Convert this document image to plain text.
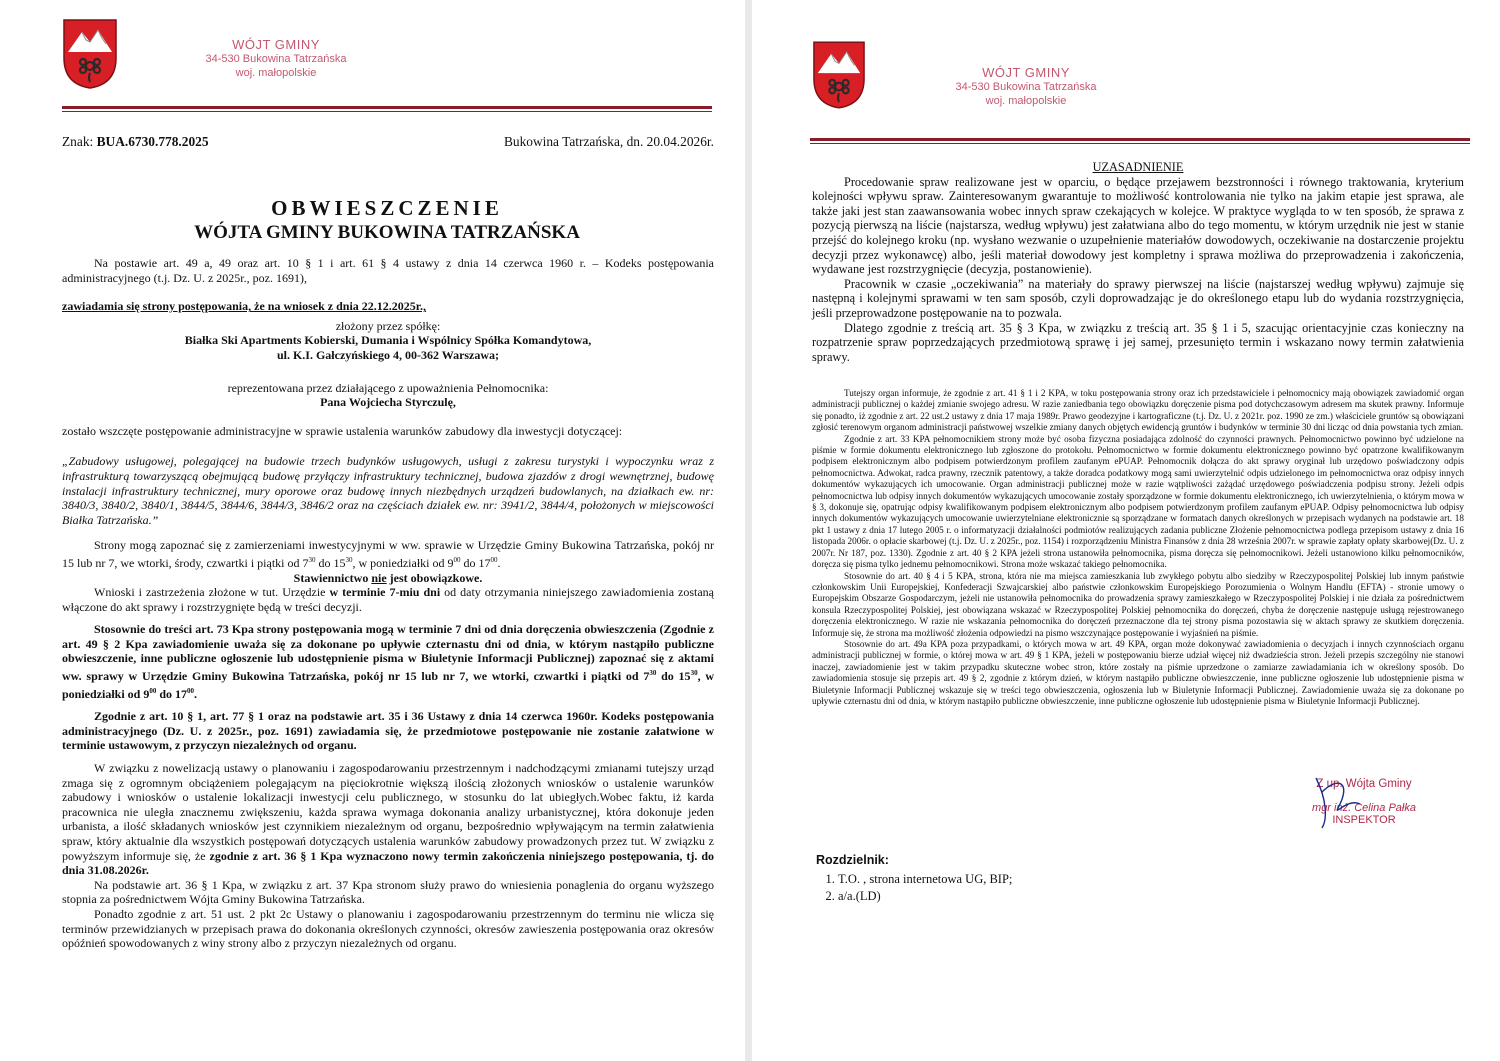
WÓJT GMINY
34-530 Bukowina Tatrzańska
woj. małopolskie
Znak: BUA.6730.778.2025	Bukowina Tatrzańska, dn. 20.04.2026r.
OBWIESZCZENIE
WÓJTA GMINY BUKOWINA TATRZAŃSKA

Na postawie art. 49 a, 49 oraz art. 10 § 1 i art. 61 § 4 ustawy z dnia 14 czerwca 1960 r. – Kodeks postępowania administracyjnego (t.j. Dz. U. z 2025r., poz. 1691),

zawiadamia się strony postępowania, że na wniosek z dnia 22.12.2025r.,

złożony przez spółkę:

Białka Ski Apartments Kobierski, Dumania i Wspólnicy Spółka Komandytowa,

ul. K.I. Gałczyńskiego 4, 00-362 Warszawa;

reprezentowana przez działającego z upoważnienia Pełnomocnika:

Pana Wojciecha Styrczulę,

zostało wszczęte postępowanie administracyjne w sprawie ustalenia warunków zabudowy dla inwestycji dotyczącej:

„Zabudowy usługowej, polegającej na budowie trzech budynków usługowych, usługi z zakresu turystyki i wypoczynku wraz z infrastrukturą towarzyszącą obejmującą budowę przyłączy infrastruktury technicznej, budowa zjazdów z drogi wewnętrznej, budowę instalacji infrastruktury technicznej, mury oporowe oraz budowę innych niezbędnych urządzeń budowlanych, na działkach ew. nr: 3840/3, 3840/2, 3840/1, 3844/5, 3844/6, 3844/3, 3846/2 oraz na częściach działek ew. nr: 3941/2, 3844/4, położonych w miejscowości Białka Tatrzańska.”

Strony mogą zapoznać się z zamierzeniami inwestycyjnymi w ww. sprawie w Urzędzie Gminy Bukowina Tatrzańska, pokój nr 15 lub nr 7, we wtorki, środy, czwartki i piątki od $7^{30}$ do $15^{30}$, w poniedziałki od $9^{00}$ do $17^{00}$.

Stawiennictwo nie jest obowiązkowe.

Wnioski i zastrzeżenia złożone w tut. Urzędzie w terminie 7-miu dni od daty otrzymania niniejszego zawiadomienia zostaną włączone do akt sprawy i rozstrzygnięte będą w treści decyzji.

Stosownie do treści art. 73 Kpa strony postępowania mogą w terminie 7 dni od dnia doręczenia obwieszczenia (Zgodnie z art. 49 § 2 Kpa zawiadomienie uważa się za dokonane po upływie czternastu dni od dnia, w którym nastąpiło publiczne obwieszczenie, inne publiczne ogłoszenie lub udostępnienie pisma w Biuletynie Informacji Publicznej) zapoznać się z aktami ww. sprawy w Urzędzie Gminy Bukowina Tatrzańska, pokój nr 15 lub nr 7, we wtorki, czwartki i piątki od $7^{30}$ do $15^{30}$, w poniedziałki od $9^{00}$ do $17^{00}$.

Zgodnie z art. 10 § 1, art. 77 § 1 oraz na podstawie art. 35 i 36 Ustawy z dnia 14 czerwca 1960r. Kodeks postępowania administracyjnego (Dz. U. z 2025r., poz. 1691) zawiadamia się, że przedmiotowe postępowanie nie zostanie załatwione w terminie ustawowym, z przyczyn niezależnych od organu.

W związku z nowelizacją ustawy o planowaniu i zagospodarowaniu przestrzennym i nadchodzącymi zmianami tutejszy urząd zmaga się z ogromnym obciążeniem polegającym na pięciokrotnie większą ilością złożonych wniosków o ustalenie warunków zabudowy i wniosków o ustalenie lokalizacji inwestycji celu publicznego, w stosunku do lat ubiegłych.Wobec faktu, iż karda pracownica nie uległa znacznemu zwiększeniu, każda sprawa wymaga dokonania analizy urbanistycznej, która dokonuje jeden urbanista, a ilość składanych wniosków jest czynnikiem niezależnym od organu, bezpośrednio wpływającym na termin załatwienia spraw, który aktualnie dla wszystkich postępowań dotyczących ustalenia warunków zabudowy prowadzonych przez tut. W związku z powyższym informuje się, że zgodnie z art. 36 § 1 Kpa wyznaczono nowy termin zakończenia niniejszego postępowania, tj. do dnia 31.08.2026r.

Na podstawie art. 36 § 1 Kpa, w związku z art. 37 Kpa stronom służy prawo do wniesienia ponaglenia do organu wyższego stopnia za pośrednictwem Wójta Gminy Bukowina Tatrzańska.

Ponadto zgodnie z art. 51 ust. 2 pkt 2c Ustawy o planowaniu i zagospodarowaniu przestrzennym do terminu nie wlicza się terminów przewidzianych w przepisach prawa do dokonania określonych czynności, okresów zawieszenia postępowania oraz okresów opóźnień spowodowanych z winy strony albo z przyczyn niezależnych od organu.

WÓJT GMINY
34-530 Bukowina Tatrzańska
woj. małopolskie

UZASADNIENIE

Procedowanie spraw realizowane jest w oparciu, o będące przejawem bezstronności i równego traktowania, kryterium kolejności wpływu spraw. Zainteresowanym gwarantuje to możliwość kontrolowania nie tylko na jakim etapie jest sprawa, ale także jaki jest stan zaawansowania wobec innych spraw czekających w kolejce. W praktyce wygląda to w ten sposób, że sprawa z pozycją pierwszą na liście (najstarsza, według wpływu) jest załatwiana albo do tego momentu, w którym urzędnik nie jest w stanie przejść do kolejnego kroku (np. wysłano wezwanie o uzupełnienie materiałów dowodowych, oczekiwanie na dostarczenie projektu decyzji przez wykonawcę) albo, jeśli materiał dowodowy jest kompletny i sprawa możliwa do przeprowadzenia i zakończenia, wydawane jest rozstrzygnięcie (decyzja, postanowienie).

Pracownik w czasie „oczekiwania” na materiały do sprawy pierwszej na liście (najstarszej według wpływu) zajmuje się następną i kolejnymi sprawami w ten sam sposób, czyli doprowadzając je do określonego etapu lub do wydania rozstrzygnięcia, jeśli przeprowadzone postępowanie na to pozwala.

Dlatego zgodnie z treścią art. 35 § 3 Kpa, w związku z treścią art. 35 § 1 i 5, szacując orientacyjnie czas konieczny na rozpatrzenie spraw poprzedzających przedmiotową sprawę i jej samej, przesunięto termin i wskazano nowy termin załatwienia sprawy.

Tutejszy organ informuje, że zgodnie z art. 41 § 1 i 2 KPA, w toku postępowania strony oraz ich przedstawiciele i pełnomocnicy mają obowiązek zawiadomić organ administracji publicznej o każdej zmianie swojego adresu. W razie zaniedbania tego obowiązku doręczenie pisma pod dotychczasowym adresem ma skutek prawny. Informuje się ponadto, iż zgodnie z art. 22 ust.2 ustawy z dnia 17 maja 1989r. Prawo geodezyjne i kartograficzne (t.j. Dz. U. z 2021r. poz. 1990 ze zm.) właściciele gruntów są obowiązani zgłosić terenowym organom administracji państwowej wszelkie zmiany danych objętych ewidencją gruntów i budynków w terminie 30 dni licząc od dnia powstania tych zmian.

Zgodnie z art. 33 KPA pełnomocnikiem strony może być osoba fizyczna posiadająca zdolność do czynności prawnych. Pełnomocnictwo powinno być udzielone na piśmie w formie dokumentu elektronicznego lub zgłoszone do protokołu. Pełnomocnictwo w formie dokumentu elektronicznego powinno być opatrzone kwalifikowanym podpisem elektronicznym albo podpisem potwierdzonym profilem zaufanym ePUAP. Pełnomocnik dołącza do akt sprawy oryginał lub urzędowo poświadczony odpis pełnomocnictwa. Adwokat, radca prawny, rzecznik patentowy, a także doradca podatkowy mogą sami uwierzytelnić odpis udzielonego im pełnomocnictwa oraz odpisy innych dokumentów wykazujących ich umocowanie. Organ administracji publicznej może w razie wątpliwości zażądać urzędowego poświadczenia podpisu strony. Jeżeli odpis pełnomocnictwa lub odpisy innych dokumentów wykazujących umocowanie zostały sporządzone w formie dokumentu elektronicznego, ich uwierzytelnienia, o którym mowa w § 3, dokonuje się, opatrując odpisy kwalifikowanym podpisem elektronicznym albo podpisem potwierdzonym profilem zaufanym ePUAP. Odpisy pełnomocnictwa lub odpisy innych dokumentów wykazujących umocowanie uwierzytelniane elektronicznie są sporządzane w formatach danych określonych w przepisach wydanych na podstawie art. 18 pkt 1 ustawy z dnia 17 lutego 2005 r. o informatyzacji działalności podmiotów realizujących zadania publiczne Złożenie pełnomocnictwa podlega przepisom ustawy z dnia 16 listopada 2006r. o opłacie skarbowej (t.j. Dz. U. z 2025r., poz. 1154) i rozporządzeniu Ministra Finansów z dnia 28 września 2007r. w sprawie zapłaty opłaty skarbowej(Dz. U. z 2007r. Nr 187, poz. 1330). Zgodnie z art. 40 § 2 KPA jeżeli strona ustanowiła pełnomocnika, pisma doręcza się pełnomocnikowi. Jeżeli ustanowiono kilku pełnomocników, doręcza się pisma tylko jednemu pełnomocnikowi. Strona może wskazać takiego pełnomocnika.

Stosownie do art. 40 § 4 i 5 KPA, strona, która nie ma miejsca zamieszkania lub zwykłego pobytu albo siedziby w Rzeczypospolitej Polskiej lub innym państwie członkowskim Unii Europejskiej, Konfederacji Szwajcarskiej albo państwie członkowskim Europejskiego Porozumienia o Wolnym Handlu (EFTA) - stronie umowy o Europejskim Obszarze Gospodarczym, jeżeli nie ustanowiła pełnomocnika do prowadzenia sprawy zamieszkałego w Rzeczypospolitej Polskiej i nie działa za pośrednictwem konsula Rzeczypospolitej Polskiej, jest obowiązana wskazać w Rzeczypospolitej Polskiej pełnomocnika do doręczeń, chyba że doręczenie następuje usługą rejestrowanego doręczenia elektronicznego. W razie nie wskazania pełnomocnika do doręczeń przeznaczone dla tej strony pisma pozostawia się w aktach sprawy ze skutkiem doręczenia. Informuje się, że strona ma możliwość złożenia odpowiedzi na pismo wszczynające postępowanie i wyjaśnień na piśmie.

Stosownie do art. 49a KPA poza przypadkami, o których mowa w art. 49 KPA, organ może dokonywać zawiadomienia o decyzjach i innych czynnościach organu administracji publicznej w formie, o której mowa w art. 49 § 1 KPA, jeżeli w postępowaniu bierze udział więcej niż dwadzieścia stron. Jeżeli przepis szczególny nie stanowi inaczej, zawiadomienie jest w takim przypadku skuteczne wobec stron, które zostały na piśmie uprzedzone o zamiarze zawiadamiania ich w określony sposób. Do zawiadomienia stosuje się przepis art. 49 § 2, zgodnie z którym dzień, w którym nastąpiło publiczne obwieszczenie, inne publiczne ogłoszenie lub udostępnienie pisma w Biuletynie Informacji Publicznej wskazuje się w treści tego obwieszczenia, ogłoszenia lub w Biuletynie Informacji Publicznej. Zawiadomienie uważa się za dokonane po upływie czternastu dni od dnia, w którym nastąpiło publiczne obwieszczenie, inne publiczne ogłoszenie lub udostępnienie pisma w Biuletynie Informacji Publicznej.

Z up. Wójta Gminy
mgr inż. Celina Pałka
INSPEKTOR
Rozdzielnik:
1. T.O. , strona internetowa UG, BIP;
2. a/a.(LD)
